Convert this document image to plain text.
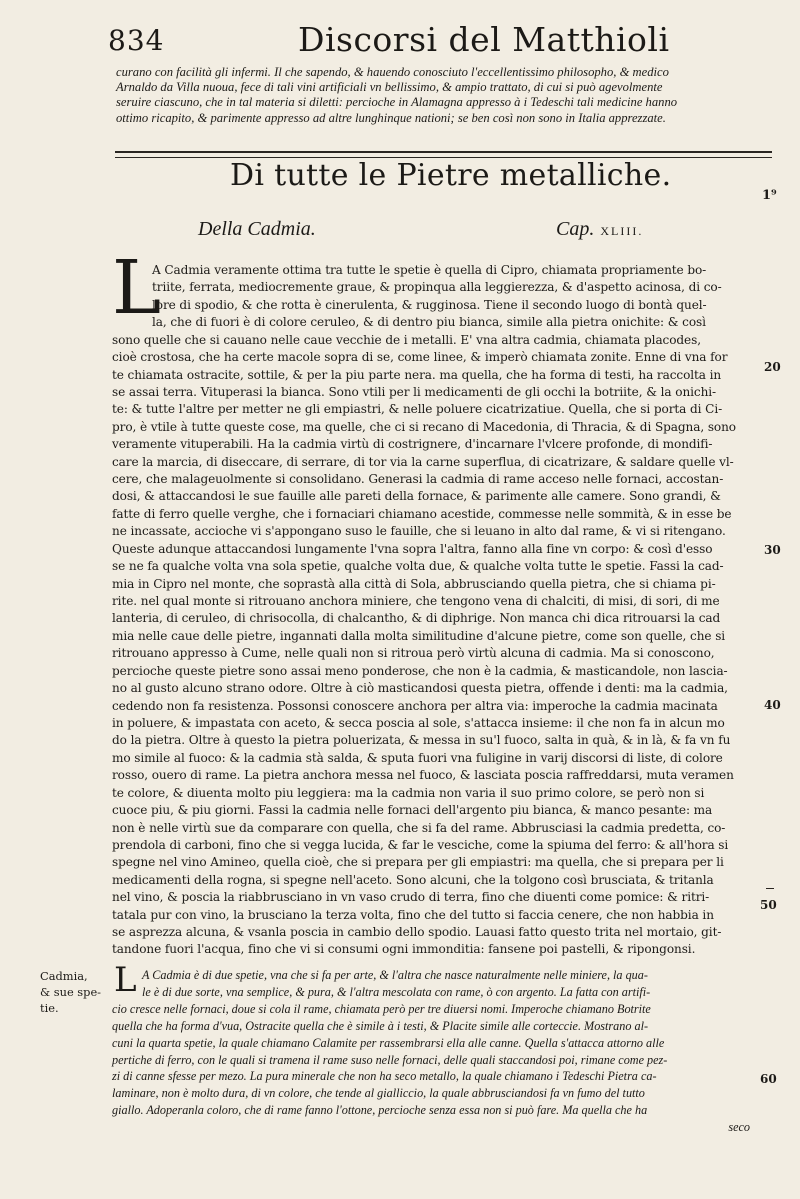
834	Discorsi del Matthioli
curano con facilità gli infermi. Il che sapendo, & hauendo conosciuto l'eccellentissimo philosopho, & medico
Arnaldo da Villa nuoua, fece di tali vini artificiali vn bellissimo, & ampio trattato, di cui si può agevolmente
seruire ciascuno, che in tal materia si diletti: percioche in Alamagna appresso à i Tedeschi tali medicine hanno
ottimo ricapito, & parimente appresso ad altre lunghinque nationi; se ben così non sono in Italia apprezzate.
Di tutte le Pietre metalliche.
1⁹
Della Cadmia.	Cap. XLIII.
L
A Cadmia veramente ottima tra tutte le spetie è quella di Cipro, chiamata propriamente bo-
triite, ferrata, mediocremente graue, & propinqua alla leggierezza, & d'aspetto acinosa, di co-
lore di spodio, & che rotta è cinerulenta, & rugginosa. Tiene il secondo luogo di bontà quel-
la, che di fuori è di colore ceruleo, & di dentro piu bianca, simile alla pietra onichite: & così
sono quelle che si cauano nelle caue vecchie de i metalli. E' vna altra cadmia, chiamata placodes,
cioè crostosa, che ha certe macole sopra di se, come linee, & imperò chiamata zonite. Enne di vna for
te chiamata ostracite, sottile, & per la piu parte nera. ma quella, che ha forma di testi, ha raccolta in
se assai terra. Vituperasi la bianca. Sono vtili per li medicamenti de gli occhi la botriite, & la onichi-
te: & tutte l'altre per metter ne gli empiastri, & nelle poluere cicatrizatiue. Quella, che si porta di Ci-
pro, è vtile à tutte queste cose, ma quelle, che ci si recano di Macedonia, di Thracia, & di Spagna, sono
veramente vituperabili. Ha la cadmia virtù di costrignere, d'incarnare l'vlcere profonde, di mondifi-
care la marcia, di diseccare, di serrare, di tor via la carne superflua, di cicatrizare, & saldare quelle vl-
cere, che malageuolmente si consolidano. Generasi la cadmia di rame acceso nelle fornaci, accostan-
dosi, & attaccandosi le sue fauille alle pareti della fornace, & parimente alle camere. Sono grandi, &
fatte di ferro quelle verghe, che i fornaciari chiamano acestide, commesse nelle sommità, & in esse be
ne incassate, accioche vi s'appongano suso le fauille, che si leuano in alto dal rame, & vi si ritengano.
Queste adunque attaccandosi lungamente l'vna sopra l'altra, fanno alla fine vn corpo: & così d'esso
se ne fa qualche volta vna sola spetie, qualche volta due, & qualche volta tutte le spetie. Fassi la cad-
mia in Cipro nel monte, che soprastà alla città di Sola, abbrusciando quella pietra, che si chiama pi-
rite. nel qual monte si ritrouano anchora miniere, che tengono vena di chalciti, di misi, di sori, di me
lanteria, di ceruleo, di chrisocolla, di chalcantho, & di diphrige. Non manca chi dica ritrouarsi la cad
mia nelle caue delle pietre, ingannati dalla molta similitudine d'alcune pietre, come son quelle, che si
ritrouano appresso à Cume, nelle quali non si ritroua però virtù alcuna di cadmia. Ma si conoscono,
percioche queste pietre sono assai meno ponderose, che non è la cadmia, & masticandole, non lascia-
no al gusto alcuno strano odore. Oltre à ciò masticandosi questa pietra, offende i denti: ma la cadmia,
cedendo non fa resistenza. Possonsi conoscere anchora per altra via: imperoche la cadmia macinata
in poluere, & impastata con aceto, & secca poscia al sole, s'attacca insieme: il che non fa in alcun mo
do la pietra. Oltre à questo la pietra poluerizata, & messa in su'l fuoco, salta in quà, & in là, & fa vn fu
mo simile al fuoco: & la cadmia stà salda, & sputa fuori vna fuligine in varij discorsi di liste, di colore
rosso, ouero di rame. La pietra anchora messa nel fuoco, & lasciata poscia raffreddarsi, muta veramen
te colore, & diuenta molto piu leggiera: ma la cadmia non varia il suo primo colore, se però non si
cuoce piu, & piu giorni. Fassi la cadmia nelle fornaci dell'argento piu bianca, & manco pesante: ma
non è nelle virtù sue da comparare con quella, che si fa del rame. Abbrusciasi la cadmia predetta, co-
prendola di carboni, fino che si vegga lucida, & far le vesciche, come la spiuma del ferro: & all'hora si
spegne nel vino Amineo, quella cioè, che si prepara per gli empiastri: ma quella, che si prepara per li
medicamenti della rogna, si spegne nell'aceto. Sono alcuni, che la tolgono così brusciata, & tritanla
nel vino, & poscia la riabbrusciano in vn vaso crudo di terra, fino che diuenti come pomice: & ritri-
tatala pur con vino, la brusciano la terza volta, fino che del tutto si faccia cenere, che non habbia in
se asprezza alcuna, & vsanla poscia in cambio dello spodio. Lauasi fatto questo trita nel mortaio, git-
tandone fuori l'acqua, fino che vi si consumi ogni immonditia: fansene poi pastelli, & ripongonsi.
20
30
40
50
60
Cadmia,
& sue spe-
tie.
L A Cadmia è di due spetie, vna che si fa per arte, & l'altra che nasce naturalmente nelle miniere, la qua-
le è di due sorte, vna semplice, & pura, & l'altra mescolata con rame, ò con argento. La fatta con artifi-
cio cresce nelle fornaci, doue si cola il rame, chiamata però per tre diuersi nomi. Imperoche chiamano Botrite
quella che ha forma d'vua, Ostracite quella che è simile à i testi, & Placite simile alle corteccie. Mostrano al-
cuni la quarta spetie, la quale chiamano Calamite per rassembrarsi ella alle canne. Quella s'attacca attorno alle
pertiche di ferro, con le quali si tramena il rame suso nelle fornaci, delle quali staccandosi poi, rimane come pez-
zi di canne sfesse per mezo. La pura minerale che non ha seco metallo, la quale chiamano i Tedeschi Pietra ca-
laminare, non è molto dura, di vn colore, che tende al gialliccio, la quale abbrusciandosi fa vn fumo del tutto
giallo. Adoperanla coloro, che di rame fanno l'ottone, percioche senza essa non si può fare. Ma quella che ha
seco
